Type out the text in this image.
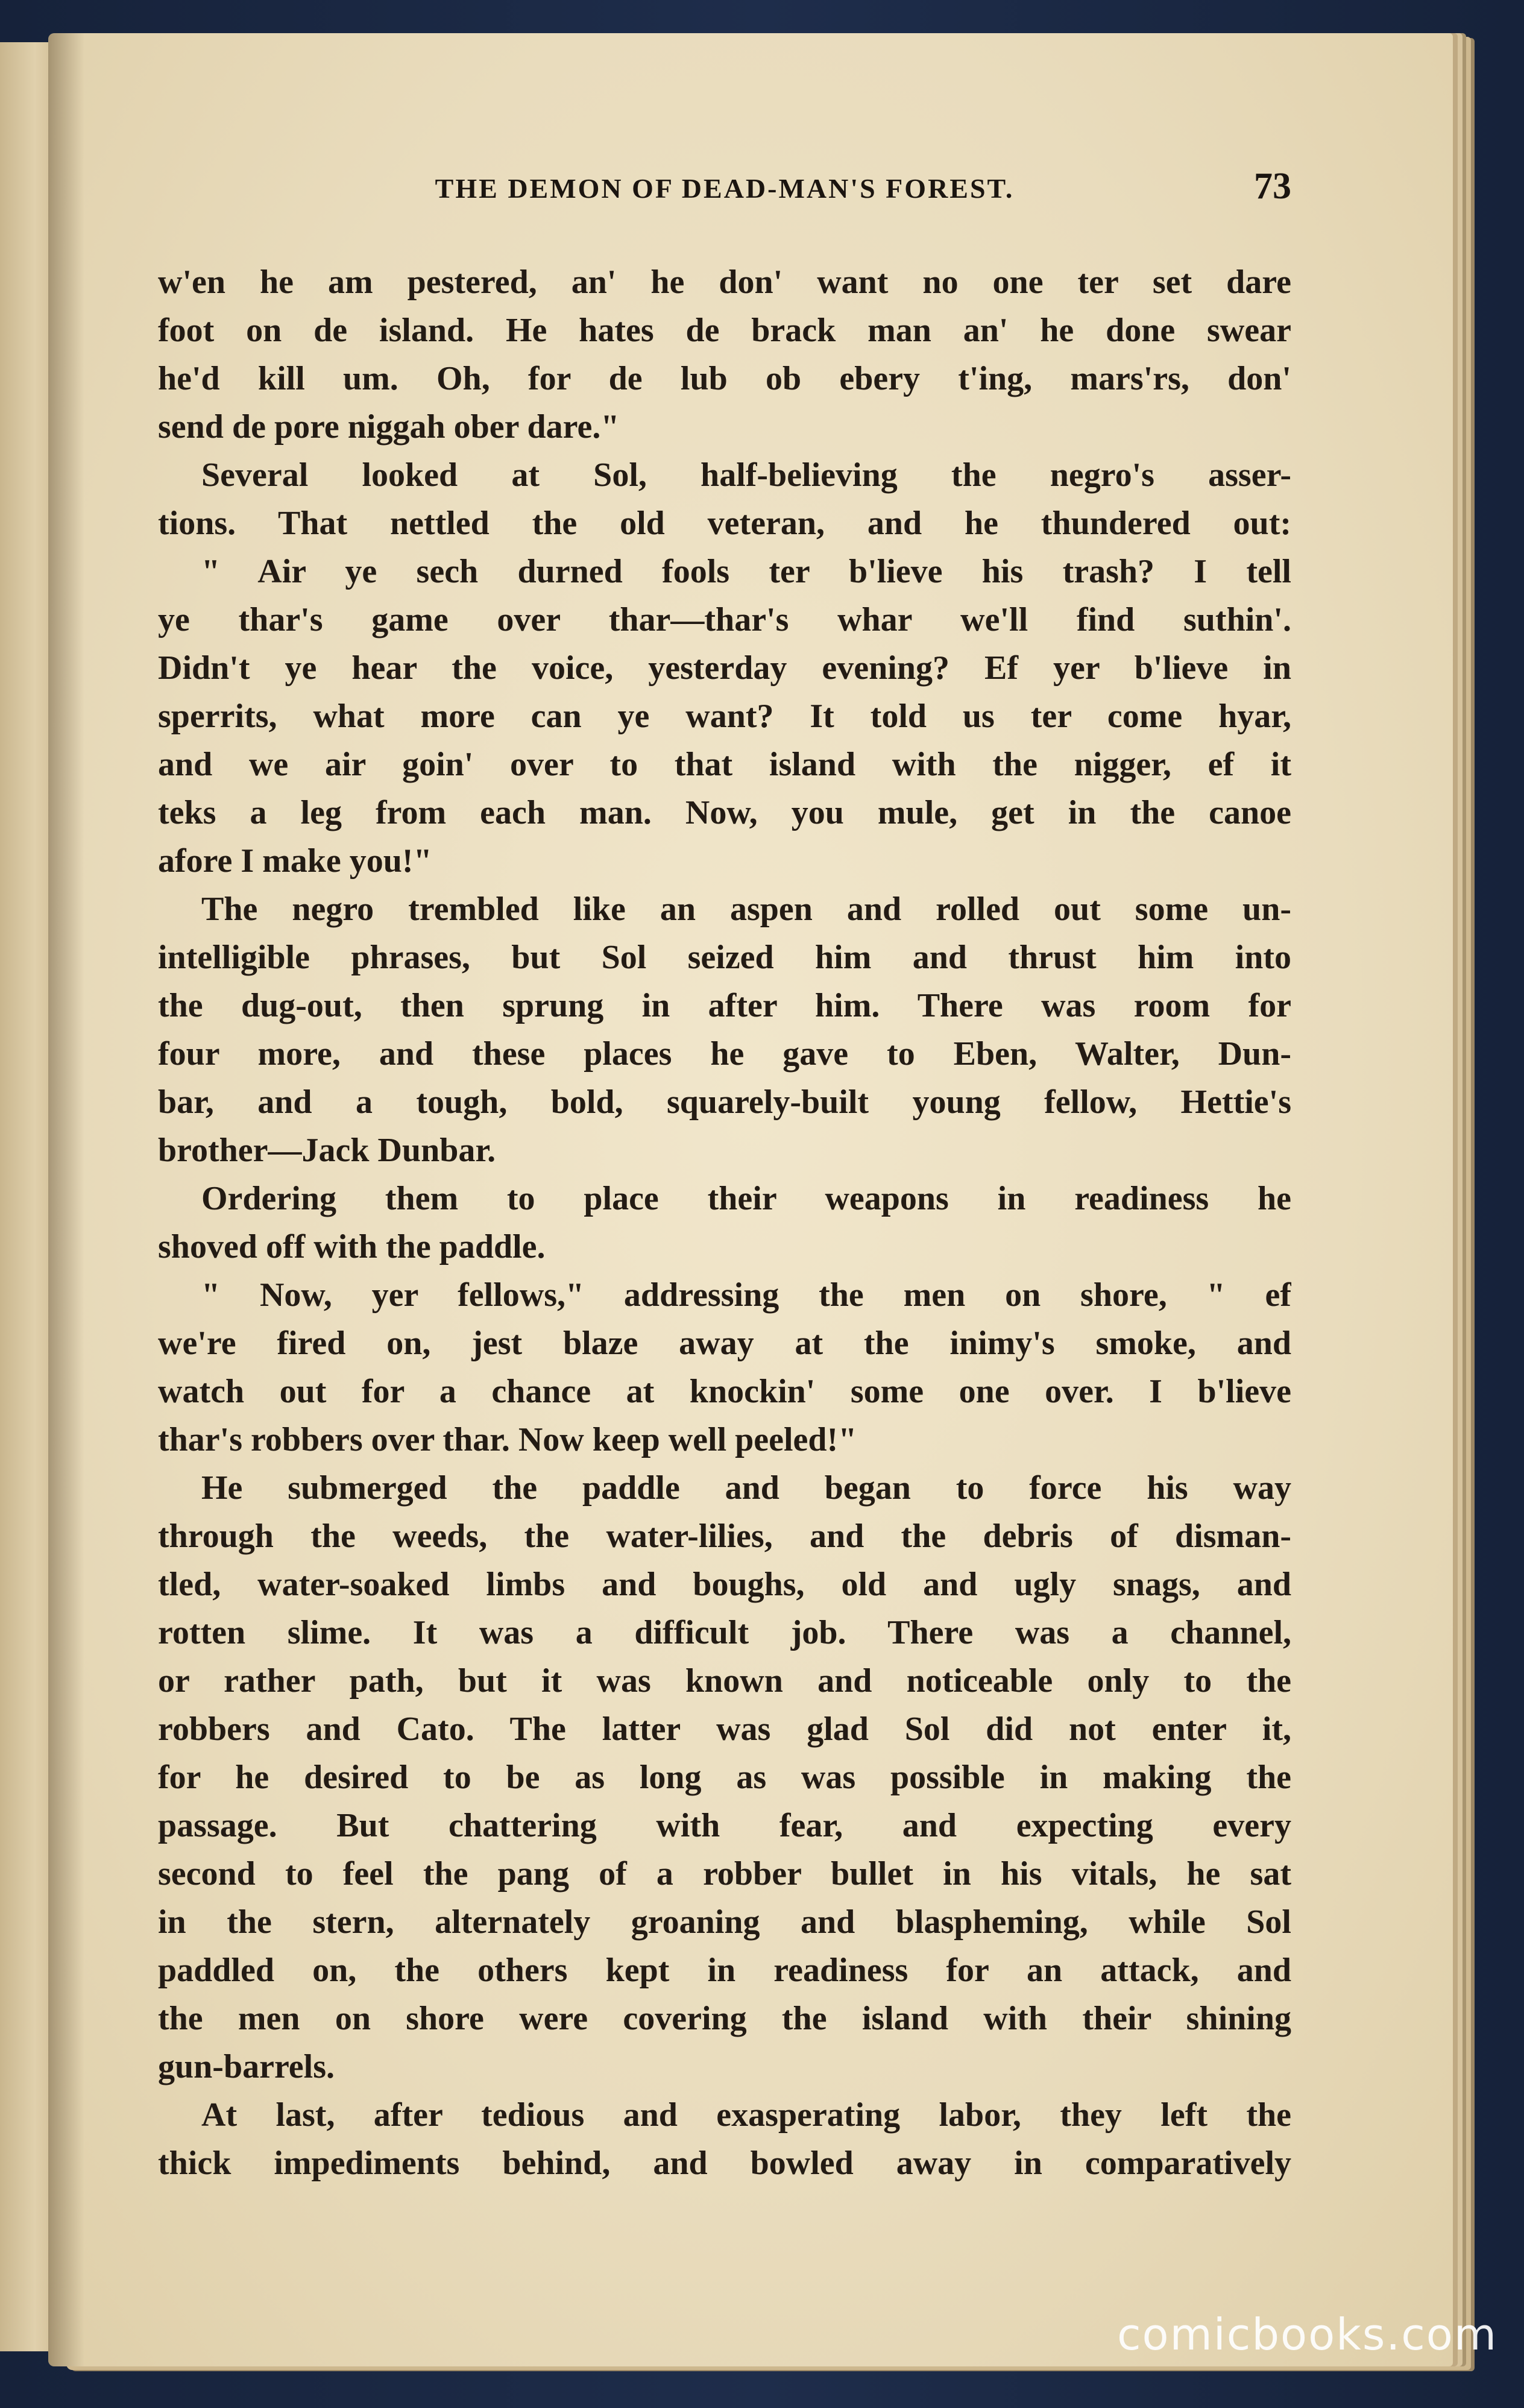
THE DEMON OF DEAD-MAN'S FOREST.	73
w'en he am pestered, an' he don' want no one ter set dare
foot on de island. He hates de brack man an' he done swear
he'd kill um. Oh, for de lub ob ebery t'ing, mars'rs, don'
send de pore niggah ober dare."
Several looked at Sol, half-believing the negro's asser-
tions. That nettled the old veteran, and he thundered out:
" Air ye sech durned fools ter b'lieve his trash? I tell
ye thar's game over thar—thar's whar we'll find suthin'.
Didn't ye hear the voice, yesterday evening? Ef yer b'lieve in
sperrits, what more can ye want? It told us ter come hyar,
and we air goin' over to that island with the nigger, ef it
teks a leg from each man. Now, you mule, get in the canoe
afore I make you!"
The negro trembled like an aspen and rolled out some un-
intelligible phrases, but Sol seized him and thrust him into
the dug-out, then sprung in after him. There was room for
four more, and these places he gave to Eben, Walter, Dun-
bar, and a tough, bold, squarely-built young fellow, Hettie's
brother—Jack Dunbar.
Ordering them to place their weapons in readiness he
shoved off with the paddle.
" Now, yer fellows," addressing the men on shore, " ef
we're fired on, jest blaze away at the inimy's smoke, and
watch out for a chance at knockin' some one over. I b'lieve
thar's robbers over thar. Now keep well peeled!"
He submerged the paddle and began to force his way
through the weeds, the water-lilies, and the debris of disman-
tled, water-soaked limbs and boughs, old and ugly snags, and
rotten slime. It was a difficult job. There was a channel,
or rather path, but it was known and noticeable only to the
robbers and Cato. The latter was glad Sol did not enter it,
for he desired to be as long as was possible in making the
passage. But chattering with fear, and expecting every
second to feel the pang of a robber bullet in his vitals, he sat
in the stern, alternately groaning and blaspheming, while Sol
paddled on, the others kept in readiness for an attack, and
the men on shore were covering the island with their shining
gun-barrels.
At last, after tedious and exasperating labor, they left the
thick impediments behind, and bowled away in comparatively
comicbooks.com
